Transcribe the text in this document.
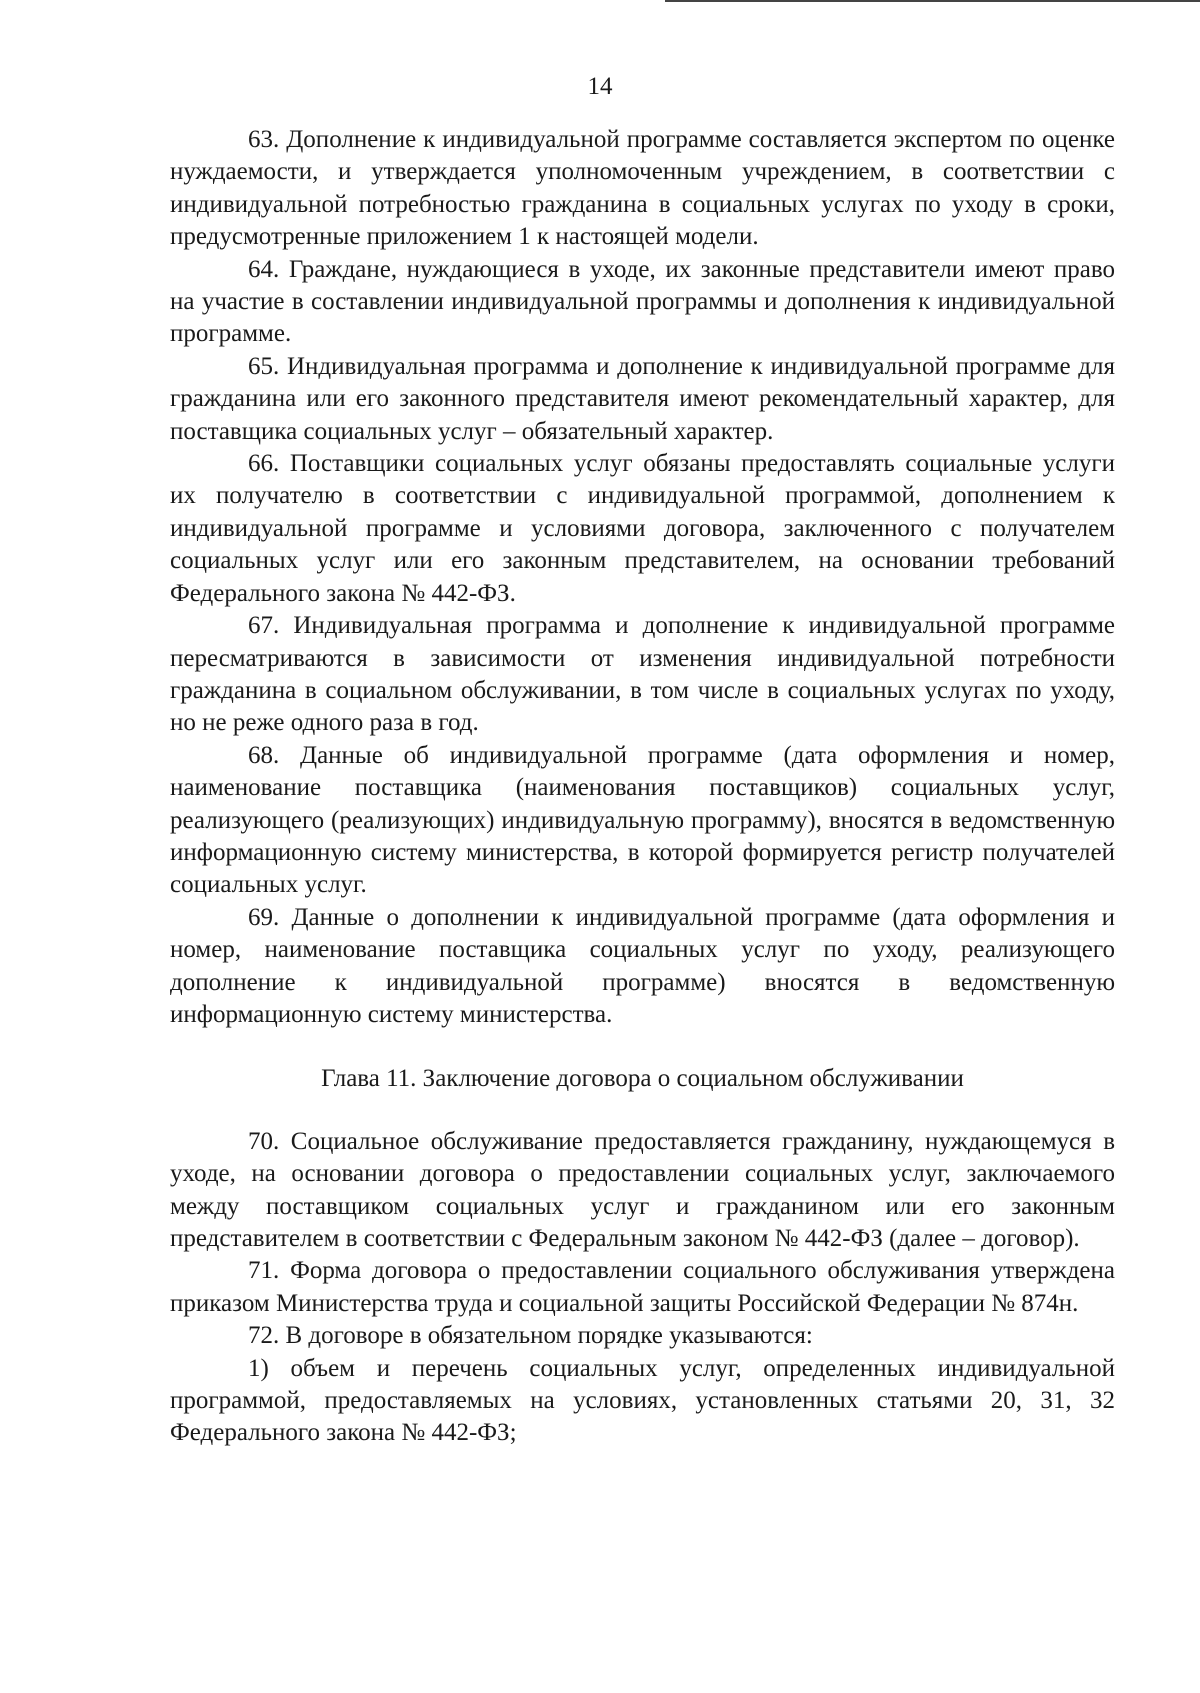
14

63. Дополнение к индивидуальной программе составляется экспертом по оценке нуждаемости, и утверждается уполномоченным учреждением, в соответствии с индивидуальной потребностью гражданина в социальных услугах по уходу в сроки, предусмотренные приложением 1 к настоящей модели.

64. Граждане, нуждающиеся в уходе, их законные представители имеют право на участие в составлении индивидуальной программы и дополнения к индивидуальной программе.

65. Индивидуальная программа и дополнение к индивидуальной программе для гражданина или его законного представителя имеют рекомендательный характер, для поставщика социальных услуг – обязательный характер.

66. Поставщики социальных услуг обязаны предоставлять социальные услуги их получателю в соответствии с индивидуальной программой, дополнением к индивидуальной программе и условиями договора, заключенного с получателем социальных услуг или его законным представителем, на основании требований Федерального закона № 442-ФЗ.

67. Индивидуальная программа и дополнение к индивидуальной программе пересматриваются в зависимости от изменения индивидуальной потребности гражданина в социальном обслуживании, в том числе в социальных услугах по уходу, но не реже одного раза в год.

68. Данные об индивидуальной программе (дата оформления и номер, наименование поставщика (наименования поставщиков) социальных услуг, реализующего (реализующих) индивидуальную программу), вносятся в ведомственную информационную систему министерства, в которой формируется регистр получателей социальных услуг.

69. Данные о дополнении к индивидуальной программе (дата оформления и номер, наименование поставщика социальных услуг по уходу, реализующего дополнение к индивидуальной программе) вносятся в ведомственную информационную систему министерства.

Глава 11. Заключение договора о социальном обслуживании

70. Социальное обслуживание предоставляется гражданину, нуждающемуся в уходе, на основании договора о предоставлении социальных услуг, заключаемого между поставщиком социальных услуг и гражданином или его законным представителем в соответствии с Федеральным законом № 442-ФЗ (далее – договор).

71. Форма договора о предоставлении социального обслуживания утверждена приказом Министерства труда и социальной защиты Российской Федерации № 874н.

72. В договоре в обязательном порядке указываются:

1) объем и перечень социальных услуг, определенных индивидуальной программой, предоставляемых на условиях, установленных статьями 20, 31, 32 Федерального закона № 442-ФЗ;
